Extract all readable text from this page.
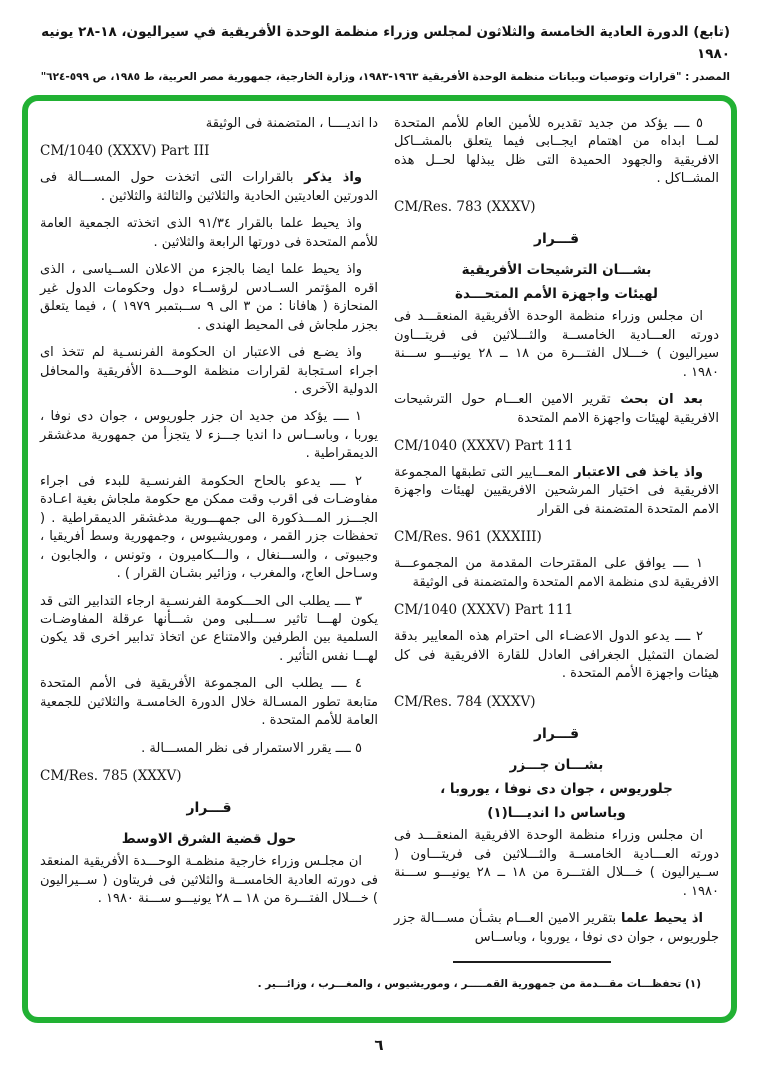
(تابع) الدورة العادية الخامسة والثلاثون لمجلس وزراء منظمة الوحدة الأفريقية في سيراليون، ١٨-٢٨ يونيه ١٩٨٠
المصدر : "قرارات وتوصيات وبيانات منظمة الوحدة الأفريقية ١٩٦٣-١٩٨٣، وزارة الخارجية، جمهورية مصر العربية، ط ١٩٨٥، ص ٥٩٩-٦٢٤"

٥ ــــ يؤكد من جديد تقديره للأمين العام للأمم المتحدة لمــا ابداه من اهتمام ايجــابى فيما يتعلق بالمشــاكل الافريقية والجهود الحميدة التى ظل يبذلها لحــل هذه المشــاكل .

CM/Res. 783 (XXXV)
قـــرار
بشـــان الترشيحات الأفريقية
لهيئات واجهزة الأمم المتحـــدة

ان مجلس وزراء منظمة الوحدة الأفريقية المنعقـــد فى دورته العـــادية الخامســة والثـــلاثين فى فريتـــاون سيراليون ) خـــلال الفتـــرة من ١٨ ــ ٢٨ يونيـــو ســـنة ١٩٨٠ .

بعد ان بحث تقرير الامين العـــام حول الترشيحات الافريقية لهيئات واجهزة الامم المتحدة

CM/1040 (XXXV) Part 111

واذ ياخذ فى الاعتبار المعـــايير التى تطبقها المجموعة الافريقية فى اختيار المرشحين الافريقيين لهيئات واجهزة الامم المتحدة المتضمنة فى القرار

CM/Res. 961 (XXXIII)

١ ــــ يوافق على المقترحات المقدمة من المجموعـــة الافريقية لدى منظمة الامم المتحدة والمتضمنة فى الوثيقة

CM/1040 (XXXV) Part 111

٢ ــــ يدعو الدول الاعضـاء الى احترام هذه المعايير بدقة لضمان التمثيل الجغرافى العادل للقارة الافريقية فى كل هيئات واجهزة الأمم المتحدة .

CM/Res. 784 (XXXV)
قـــرار
بشـــان جـــزر
جلوريوس ، جوان دى نوفا ، يوروبا ،
وباساس دا انديـــا(١)

ان مجلس وزراء منظمة الوحدة الافريقية المنعقـــد فى دورته العـــادية الخامســة والثـــلاثين فى فريتـــاون ( ســيراليون ) خـــلال الفتـــرة من ١٨ ــ ٢٨ يونيـــو ســـنة ١٩٨٠ .

اذ يحيط علما بتقرير الامين العـــام بشـأن مســـالة جزر جلوريوس ، جوان دى نوفا ، يوروبا ، وباســاس

دا انديــــا ، المتضمنة فى الوثيقة

CM/1040 (XXXV) Part III

واذ يذكر بالقرارات التى اتخذت حول المســـالة فى الدورتين العاديتين الحادية والثلاثين والثالثة والثلاثين .

واذ يحيط علما بالقرار ٩١/٣٤ الذى اتخذته الجمعية العامة للأمم المتحدة فى دورتها الرابعة والثلاثين .

واذ يحيط علما ايضا بالجزء من الاعلان الســياسى ، الذى اقره المؤتمر الســادس لرؤســاء دول وحكومات الدول غير المنحازة ( هافانا : من ٣ الى ٩ ســبتمبر ١٩٧٩ ) ، فيما يتعلق بجزر ملجاش فى المحيط الهندى .

واذ يضـع فى الاعتبار ان الحكومة الفرنسـية لم تتخذ اى اجراء اسـتجابة لقرارات منظمة الوحـــدة الأفريقية والمحافل الدولية الآخرى .

١ ــــ يؤكد من جديد ان جزر جلوريوس ، جوان دى نوفا ، يوربا ، وباســاس دا انديا جـــزء لا يتجزأ من جمهورية مدغشقر الديمقراطية .

٢ ــــ يدعو بالحاح الحكومة الفرنسـية للبدء فى اجراء مفاوضـات فى اقرب وقت ممكن مع حكومة ملجاش بغية اعـادة الجـــزر المـــذكورة الى جمهـــورية مدغشقر الديمقراطية . ( تحفظات جزر القمر ، وموريشيوس ، وجمهورية وسط أفريقيا ، وجيبوتى ، والســـنغال ، والـــكاميرون ، وتونس ، والجابون ، وسـاحل العاج، والمغرب ، وزائير بشـان القرار ) .

٣ ــــ يطلب الى الحـــكومة الفرنسـية ارجاء التدابير التى قد يكون لهـــا تاثير ســـلبى ومن شـــأنها عرقلة المفاوضـات السلمية بين الطرفين والامتناع عن اتخاذ تدابير اخرى قد يكون لهـــا نفس التأثير .

٤ ــــ يطلب الى المجموعة الأفريقية فى الأمم المتحدة متابعة تطور المسـالة خلال الدورة الخامسـة والثلاثين للجمعية العامة للأمم المتحدة .

٥ ــــ يقرر الاستمرار فى نظر المســـالة .

CM/Res. 785 (XXXV)
قـــرار
حول قضية الشرق الاوسط

ان مجلـس وزراء خارجية منظمـة الوحـــدة الأفريقية المنعقد فى دورته العادية الخامســة والثلاثين فى فريتاون ( ســيراليون ) خـــلال الفتـــرة من ١٨ ــ ٢٨ يونيـــو ســـنة ١٩٨٠ .

(١) تحفظـــات مقـــدمة من جمهورية القمـــــر ، وموريشيوس ، والمغـــرب ، وزائـــير .
٦
